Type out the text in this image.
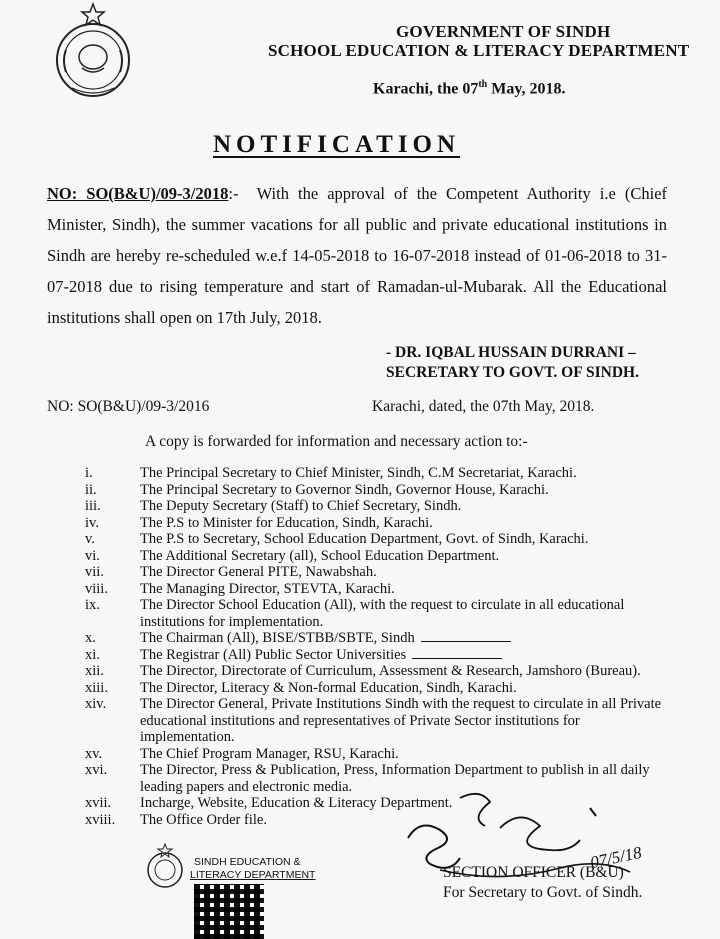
GOVERNMENT OF SINDH
SCHOOL EDUCATION & LITERACY DEPARTMENT
Karachi, the 07th May, 2018.
NOTIFICATION
NO: SO(B&U)/09-3/2018:- With the approval of the Competent Authority i.e (Chief Minister, Sindh), the summer vacations for all public and private educational institutions in Sindh are hereby re-scheduled w.e.f 14-05-2018 to 16-07-2018 instead of 01-06-2018 to 31-07-2018 due to rising temperature and start of Ramadan-ul-Mubarak. All the Educational institutions shall open on 17th July, 2018.
- DR. IQBAL HUSSAIN DURRANI –
SECRETARY TO GOVT. OF SINDH.
NO: SO(B&U)/09-3/2016	Karachi, dated, the 07th May, 2018.
A copy is forwarded for information and necessary action to:-
i.	The Principal Secretary to Chief Minister, Sindh, C.M Secretariat, Karachi.
ii.	The Principal Secretary to Governor Sindh, Governor House, Karachi.
iii.	The Deputy Secretary (Staff) to Chief Secretary, Sindh.
iv.	The P.S to Minister for Education, Sindh, Karachi.
v.	The P.S to Secretary, School Education Department, Govt. of Sindh, Karachi.
vi.	The Additional Secretary (all), School Education Department.
vii.	The Director General PITE, Nawabshah.
viii.	The Managing Director, STEVTA, Karachi.
ix.	The Director School Education (All), with the request to circulate in all educational institutions for implementation.
x.	The Chairman (All), BISE/STBB/SBTE, Sindh
xi.	The Registrar (All) Public Sector Universities
xii.	The Director, Directorate of Curriculum, Assessment & Research, Jamshoro (Bureau).
xiii.	The Director, Literacy & Non-formal Education, Sindh, Karachi.
xiv.	The Director General, Private Institutions Sindh with the request to circulate in all Private educational institutions and representatives of Private Sector institutions for implementation.
xv.	The Chief Program Manager, RSU, Karachi.
xvi.	The Director, Press & Publication, Press, Information Department to publish in all daily leading papers and electronic media.
xvii.	Incharge, Website, Education & Literacy Department.
xviii.	The Office Order file.
SINDH EDUCATION &
LITERACY DEPARTMENT
07/5/18
SECTION OFFICER (B&U)
For Secretary to Govt. of Sindh.
